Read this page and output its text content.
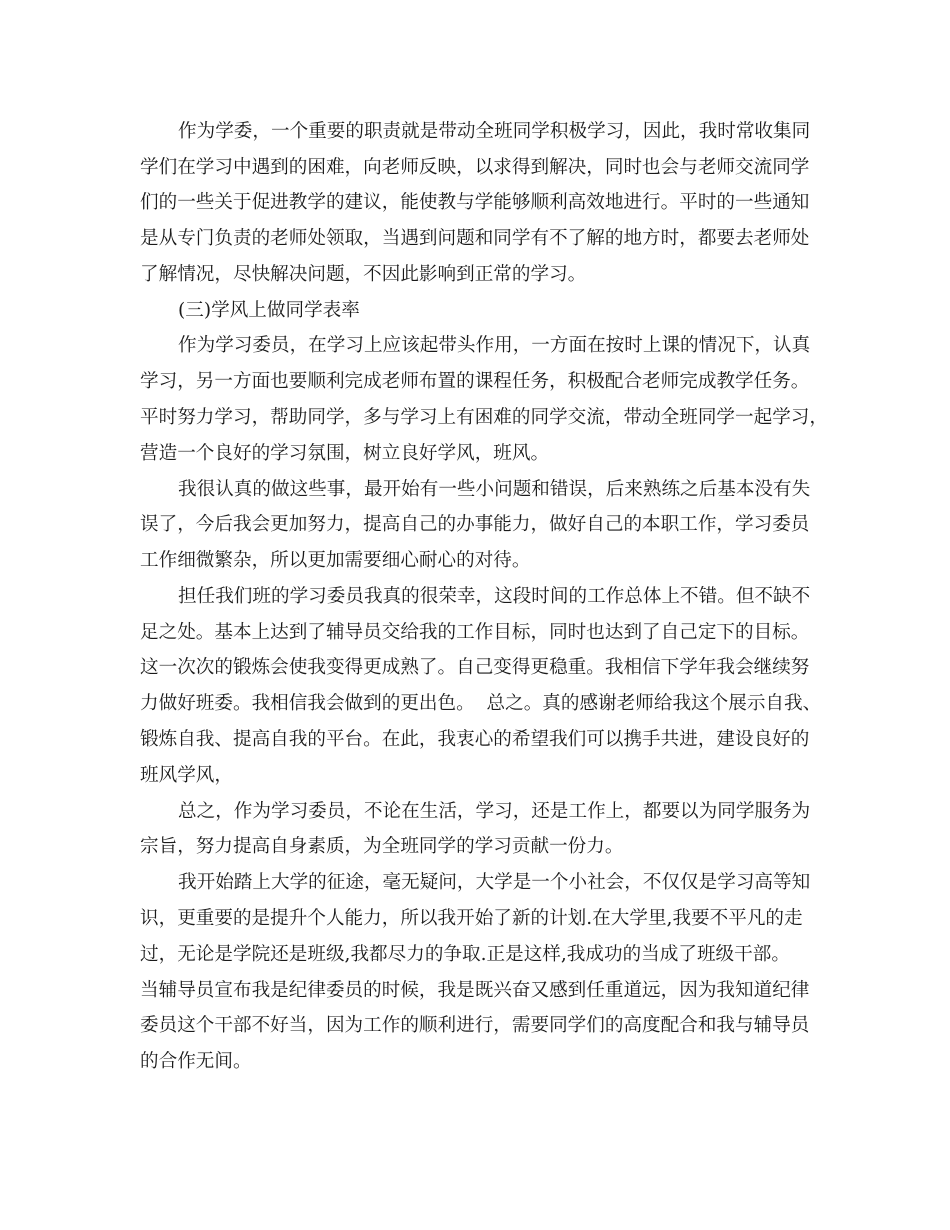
作为学委，一个重要的职责就是带动全班同学积极学习，因此，我时常收集同
学们在学习中遇到的困难，向老师反映，以求得到解决，同时也会与老师交流同学
们的一些关于促进教学的建议，能使教与学能够顺利高效地进行。平时的一些通知
是从专门负责的老师处领取，当遇到问题和同学有不了解的地方时，都要去老师处
了解情况，尽快解决问题，不因此影响到正常的学习。
(三)学风上做同学表率
作为学习委员，在学习上应该起带头作用，一方面在按时上课的情况下，认真
学习，另一方面也要顺利完成老师布置的课程任务，积极配合老师完成教学任务。
平时努力学习，帮助同学，多与学习上有困难的同学交流，带动全班同学一起学习，
营造一个良好的学习氛围，树立良好学风，班风。
我很认真的做这些事，最开始有一些小问题和错误，后来熟练之后基本没有失
误了，今后我会更加努力，提高自己的办事能力，做好自己的本职工作，学习委员
工作细微繁杂，所以更加需要细心耐心的对待。
担任我们班的学习委员我真的很荣幸，这段时间的工作总体上不错。但不缺不
足之处。基本上达到了辅导员交给我的工作目标，同时也达到了自己定下的目标。
这一次次的锻炼会使我变得更成熟了。自己变得更稳重。我相信下学年我会继续努
力做好班委。我相信我会做到的更出色。  总之。真的感谢老师给我这个展示自我、
锻炼自我、提高自我的平台。在此，我衷心的希望我们可以携手共进，建设良好的
班风学风，
总之，作为学习委员，不论在生活，学习，还是工作上，都要以为同学服务为
宗旨，努力提高自身素质，为全班同学的学习贡献一份力。
我开始踏上大学的征途，毫无疑问，大学是一个小社会，不仅仅是学习高等知
识，更重要的是提升个人能力，所以我开始了新的计划.在大学里,我要不平凡的走
过，无论是学院还是班级,我都尽力的争取.正是这样,我成功的当成了班级干部。
当辅导员宣布我是纪律委员的时候，我是既兴奋又感到任重道远，因为我知道纪律
委员这个干部不好当，因为工作的顺利进行，需要同学们的高度配合和我与辅导员
的合作无间。
